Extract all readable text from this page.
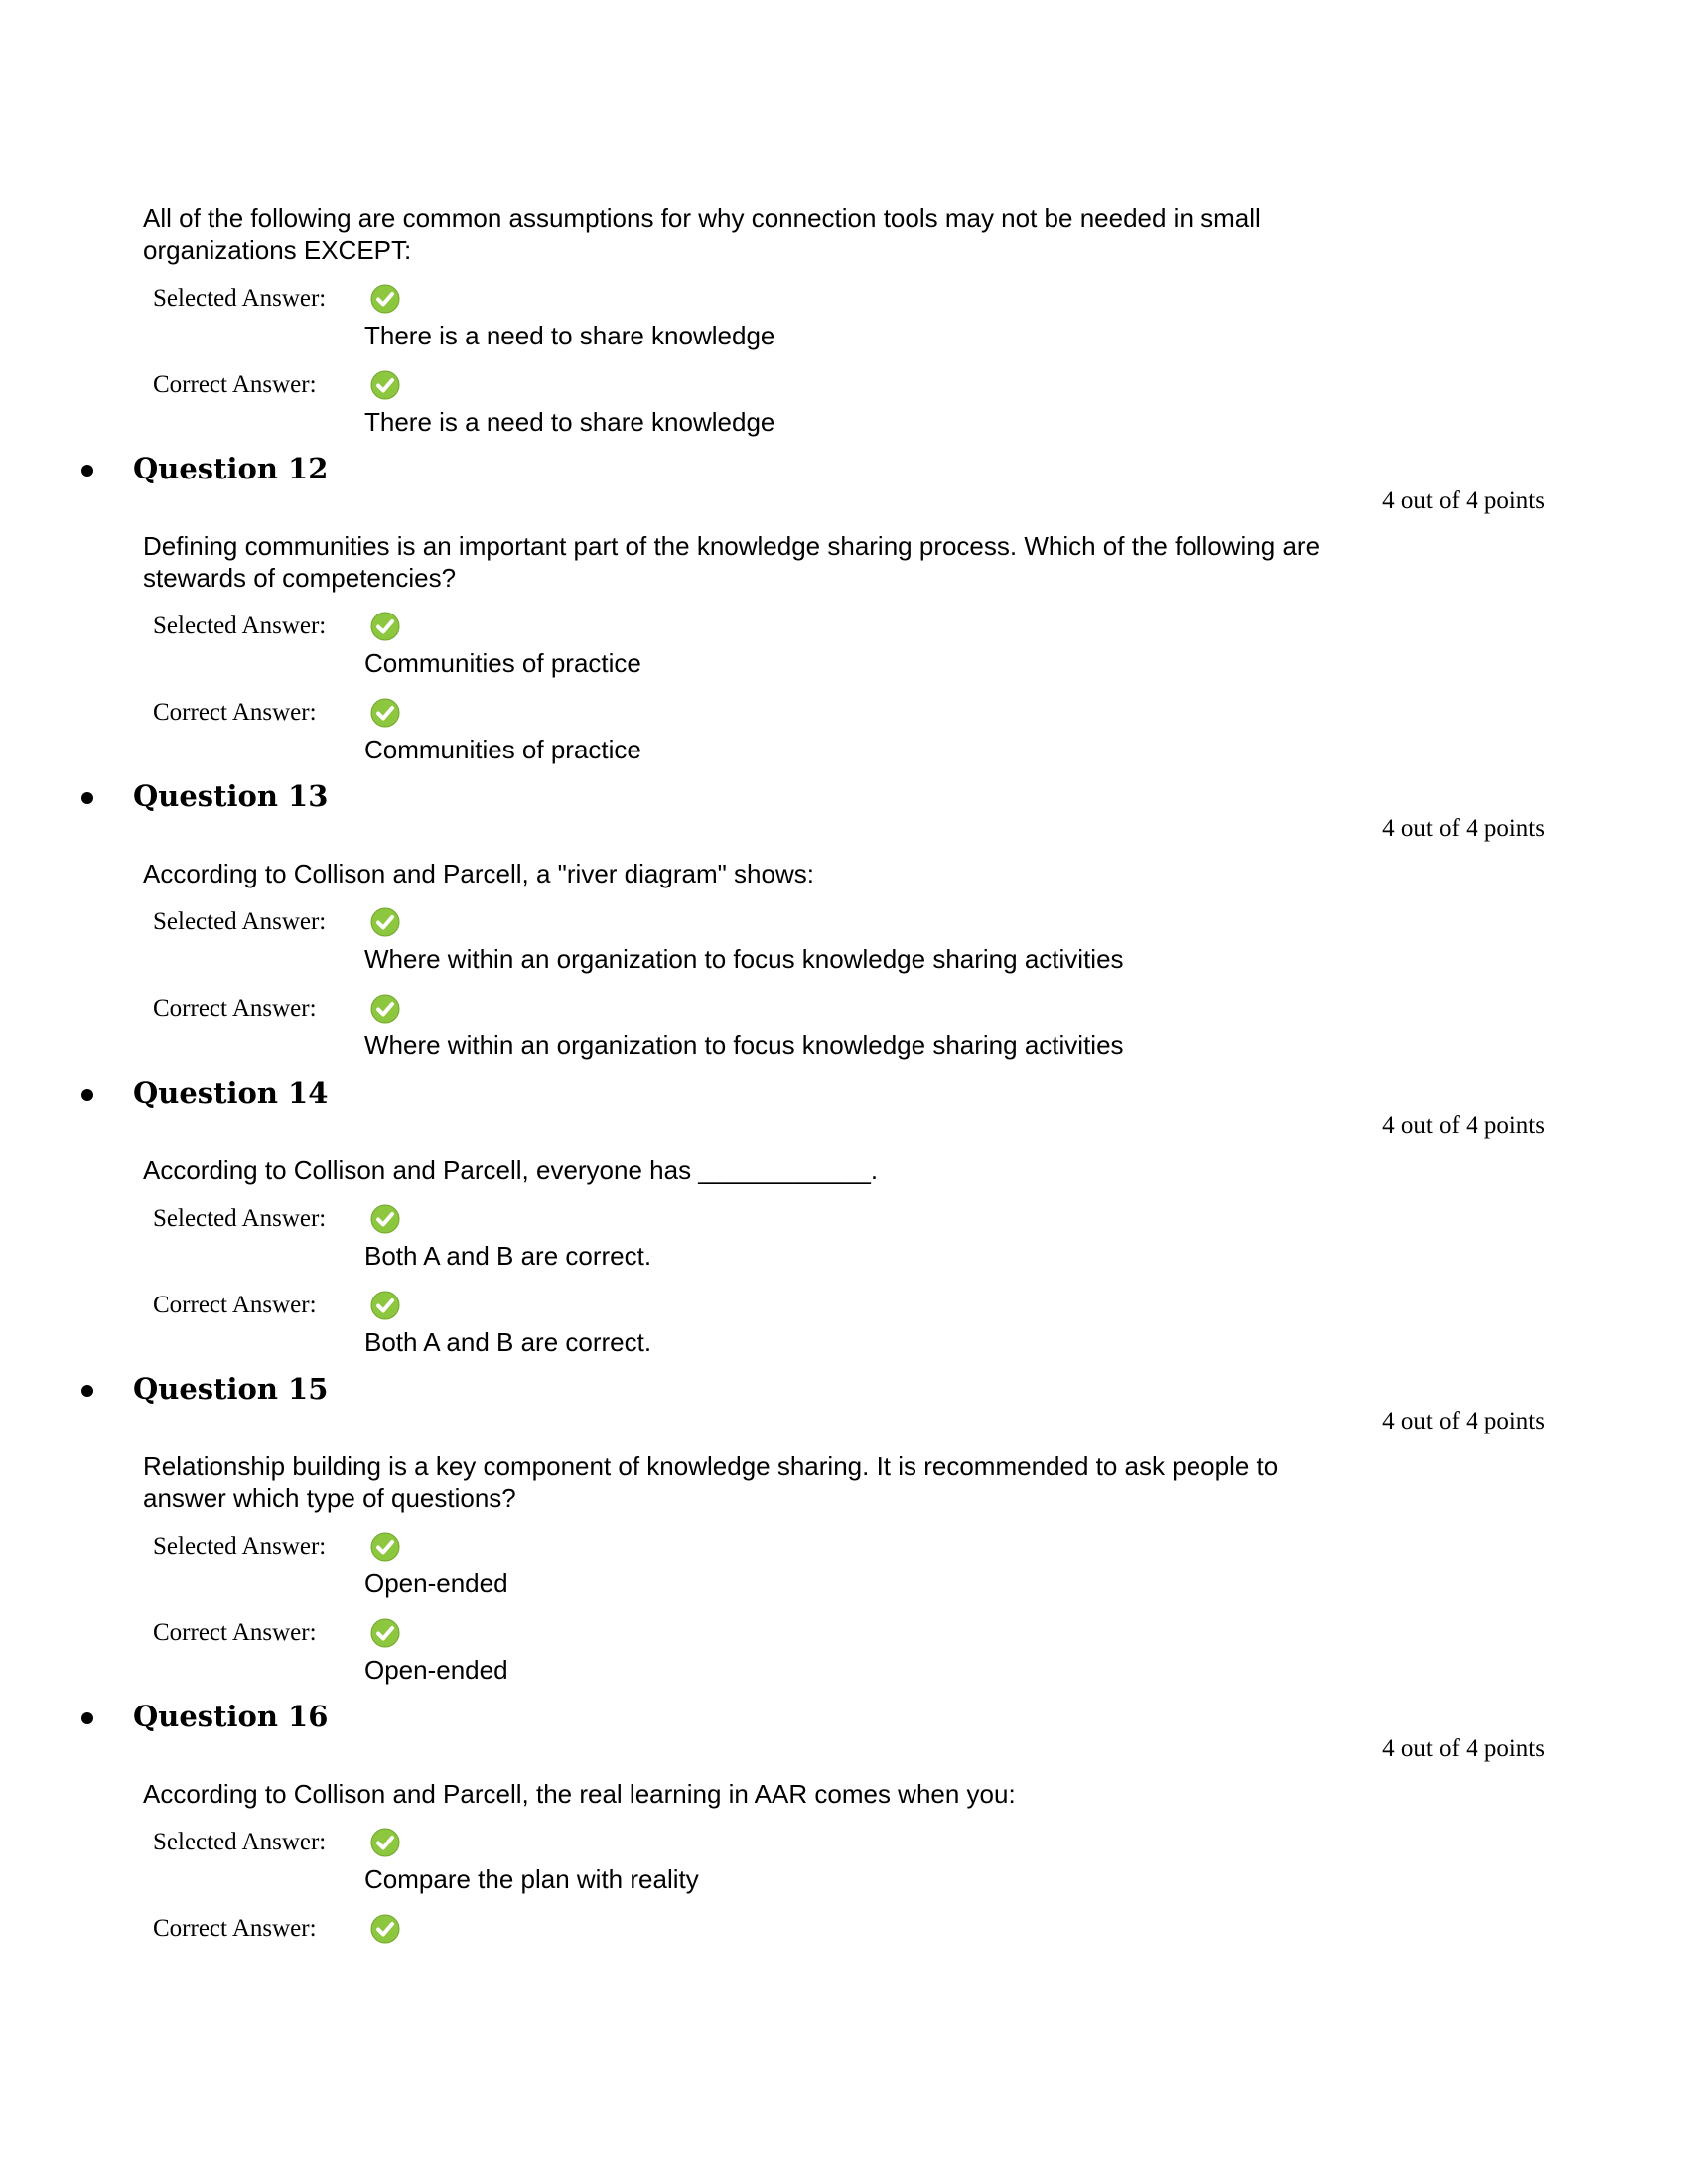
All of the following are common assumptions for why connection tools may not be needed in small organizations EXCEPT:

Selected Answer:
There is a need to share knowledge
Correct Answer:
There is a need to share knowledge
Question 12
4 out of 4 points

Defining communities is an important part of the knowledge sharing process. Which of the following are stewards of competencies?

Selected Answer:
Communities of practice
Correct Answer:
Communities of practice
Question 13
4 out of 4 points

According to Collison and Parcell, a "river diagram" shows:

Selected Answer:
Where within an organization to focus knowledge sharing activities
Correct Answer:
Where within an organization to focus knowledge sharing activities
Question 14
4 out of 4 points

According to Collison and Parcell, everyone has ____________.

Selected Answer:
Both A and B are correct.
Correct Answer:
Both A and B are correct.
Question 15
4 out of 4 points

Relationship building is a key component of knowledge sharing. It is recommended to ask people to answer which type of questions?

Selected Answer:
Open-ended
Correct Answer:
Open-ended
Question 16
4 out of 4 points

According to Collison and Parcell, the real learning in AAR comes when you:

Selected Answer:
Compare the plan with reality
Correct Answer:
